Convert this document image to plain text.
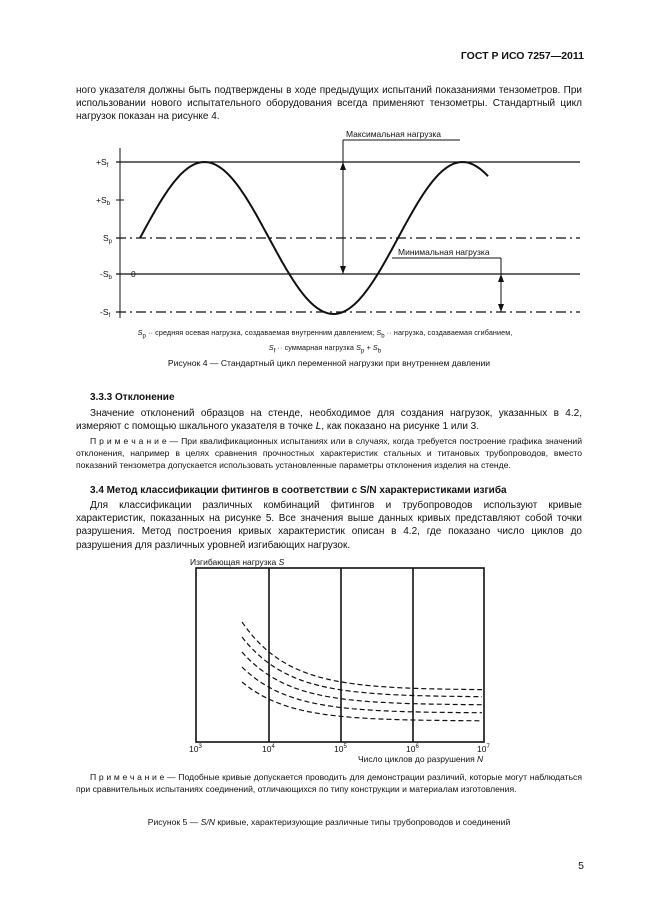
ГОСТ Р ИСО 7257—2011
ного указателя должны быть подтверждены в ходе предыдущих испытаний показаниями тензометров. При использовании нового испытательного оборудования всегда применяют тензометры. Стандартный цикл нагрузок показан на рисунке 4.
Максимальная нагрузка
Минимальная нагрузка
$+S_f$
$+S_b$
$S_p$
$-S_b$ 0
$-S_f$
$S_p$ ·· средняя осевая нагрузка, создаваемая внутренним давлением; $S_b$ ·· нагрузка, создаваемая сгибанием,
$S_f$ ·· суммарная нагрузка $S_p + S_b$
Рисунок 4 — Стандартный цикл переменной нагрузки при внутреннем давлении
3.3.3 Отклонение
Значение отклонений образцов на стенде, необходимое для создания нагрузок, указанных в 4.2, измеряют с помощью шкального указателя в точке L, как показано на рисунке 1 или 3.
П р и м е ч а н и е — При квалификационных испытаниях или в случаях, когда требуется построение графика значений отклонения, например в целях сравнения прочностных характеристик стальных и титановых трубопроводов, вместо показаний тензометра допускается использовать установленные параметры отклонения изделия на стенде.
3.4 Метод классификации фитингов в соответствии с S/N характеристиками изгиба
Для классификации различных комбинаций фитингов и трубопроводов используют кривые характеристик, показанных на рисунке 5. Все значения выше данных кривых представляют собой точки разрушения. Метод построения кривых характеристик описан в 4.2, где показано число циклов до разрушения для различных уровней изгибающих нагрузок.
Изгибающая нагрузка S
Число циклов до разрушения N
$10^3$	$10^4$	$10^5$	$10^6$	$10^7$
П р и м е ч а н и е — Подобные кривые допускается проводить для демонстрации различий, которые могут наблюдаться при сравнительных испытаниях соединений, отличающихся по типу конструкции и материалам изготовления.
Рисунок 5 — S/N кривые, характеризующие различные типы трубопроводов и соединений
5
